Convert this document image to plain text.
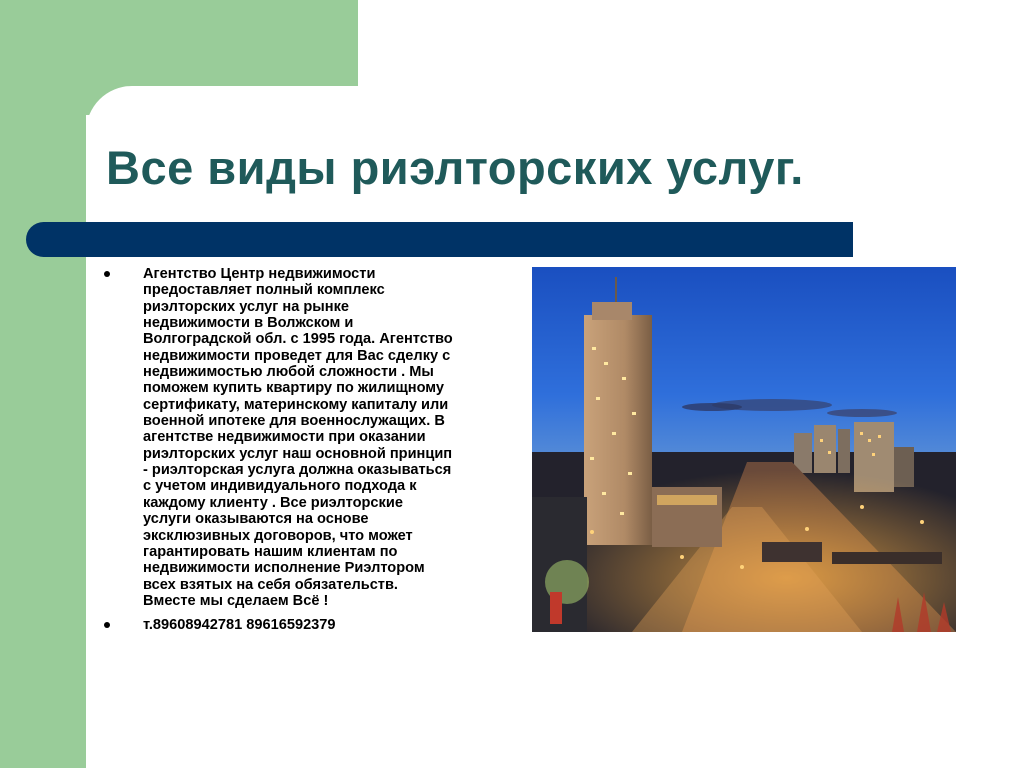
Все виды риэлторских услуг.
Агентство Центр недвижимости
предоставляет полный комплекс
риэлторских услуг на рынке
недвижимости в Волжском и
Волгоградской обл. с 1995 года. Агентство
недвижимости проведет для Вас сделку с
недвижимостью любой сложности . Мы
поможем купить квартиру по жилищному
сертификату, материнскому капиталу или
военной ипотеке для военнослужащих. В
агентстве недвижимости при оказании
риэлторских услуг наш основной принцип
- риэлторская услуга должна оказываться
с учетом индивидуального подхода к
каждому клиенту . Все риэлторские
услуги оказываются на основе
эксклюзивных договоров, что может
гарантировать нашим клиентам по
недвижимости исполнение Риэлтором
всех взятых на себя обязательств.
Вместе мы сделаем Всё !
т.89608942781 89616592379
